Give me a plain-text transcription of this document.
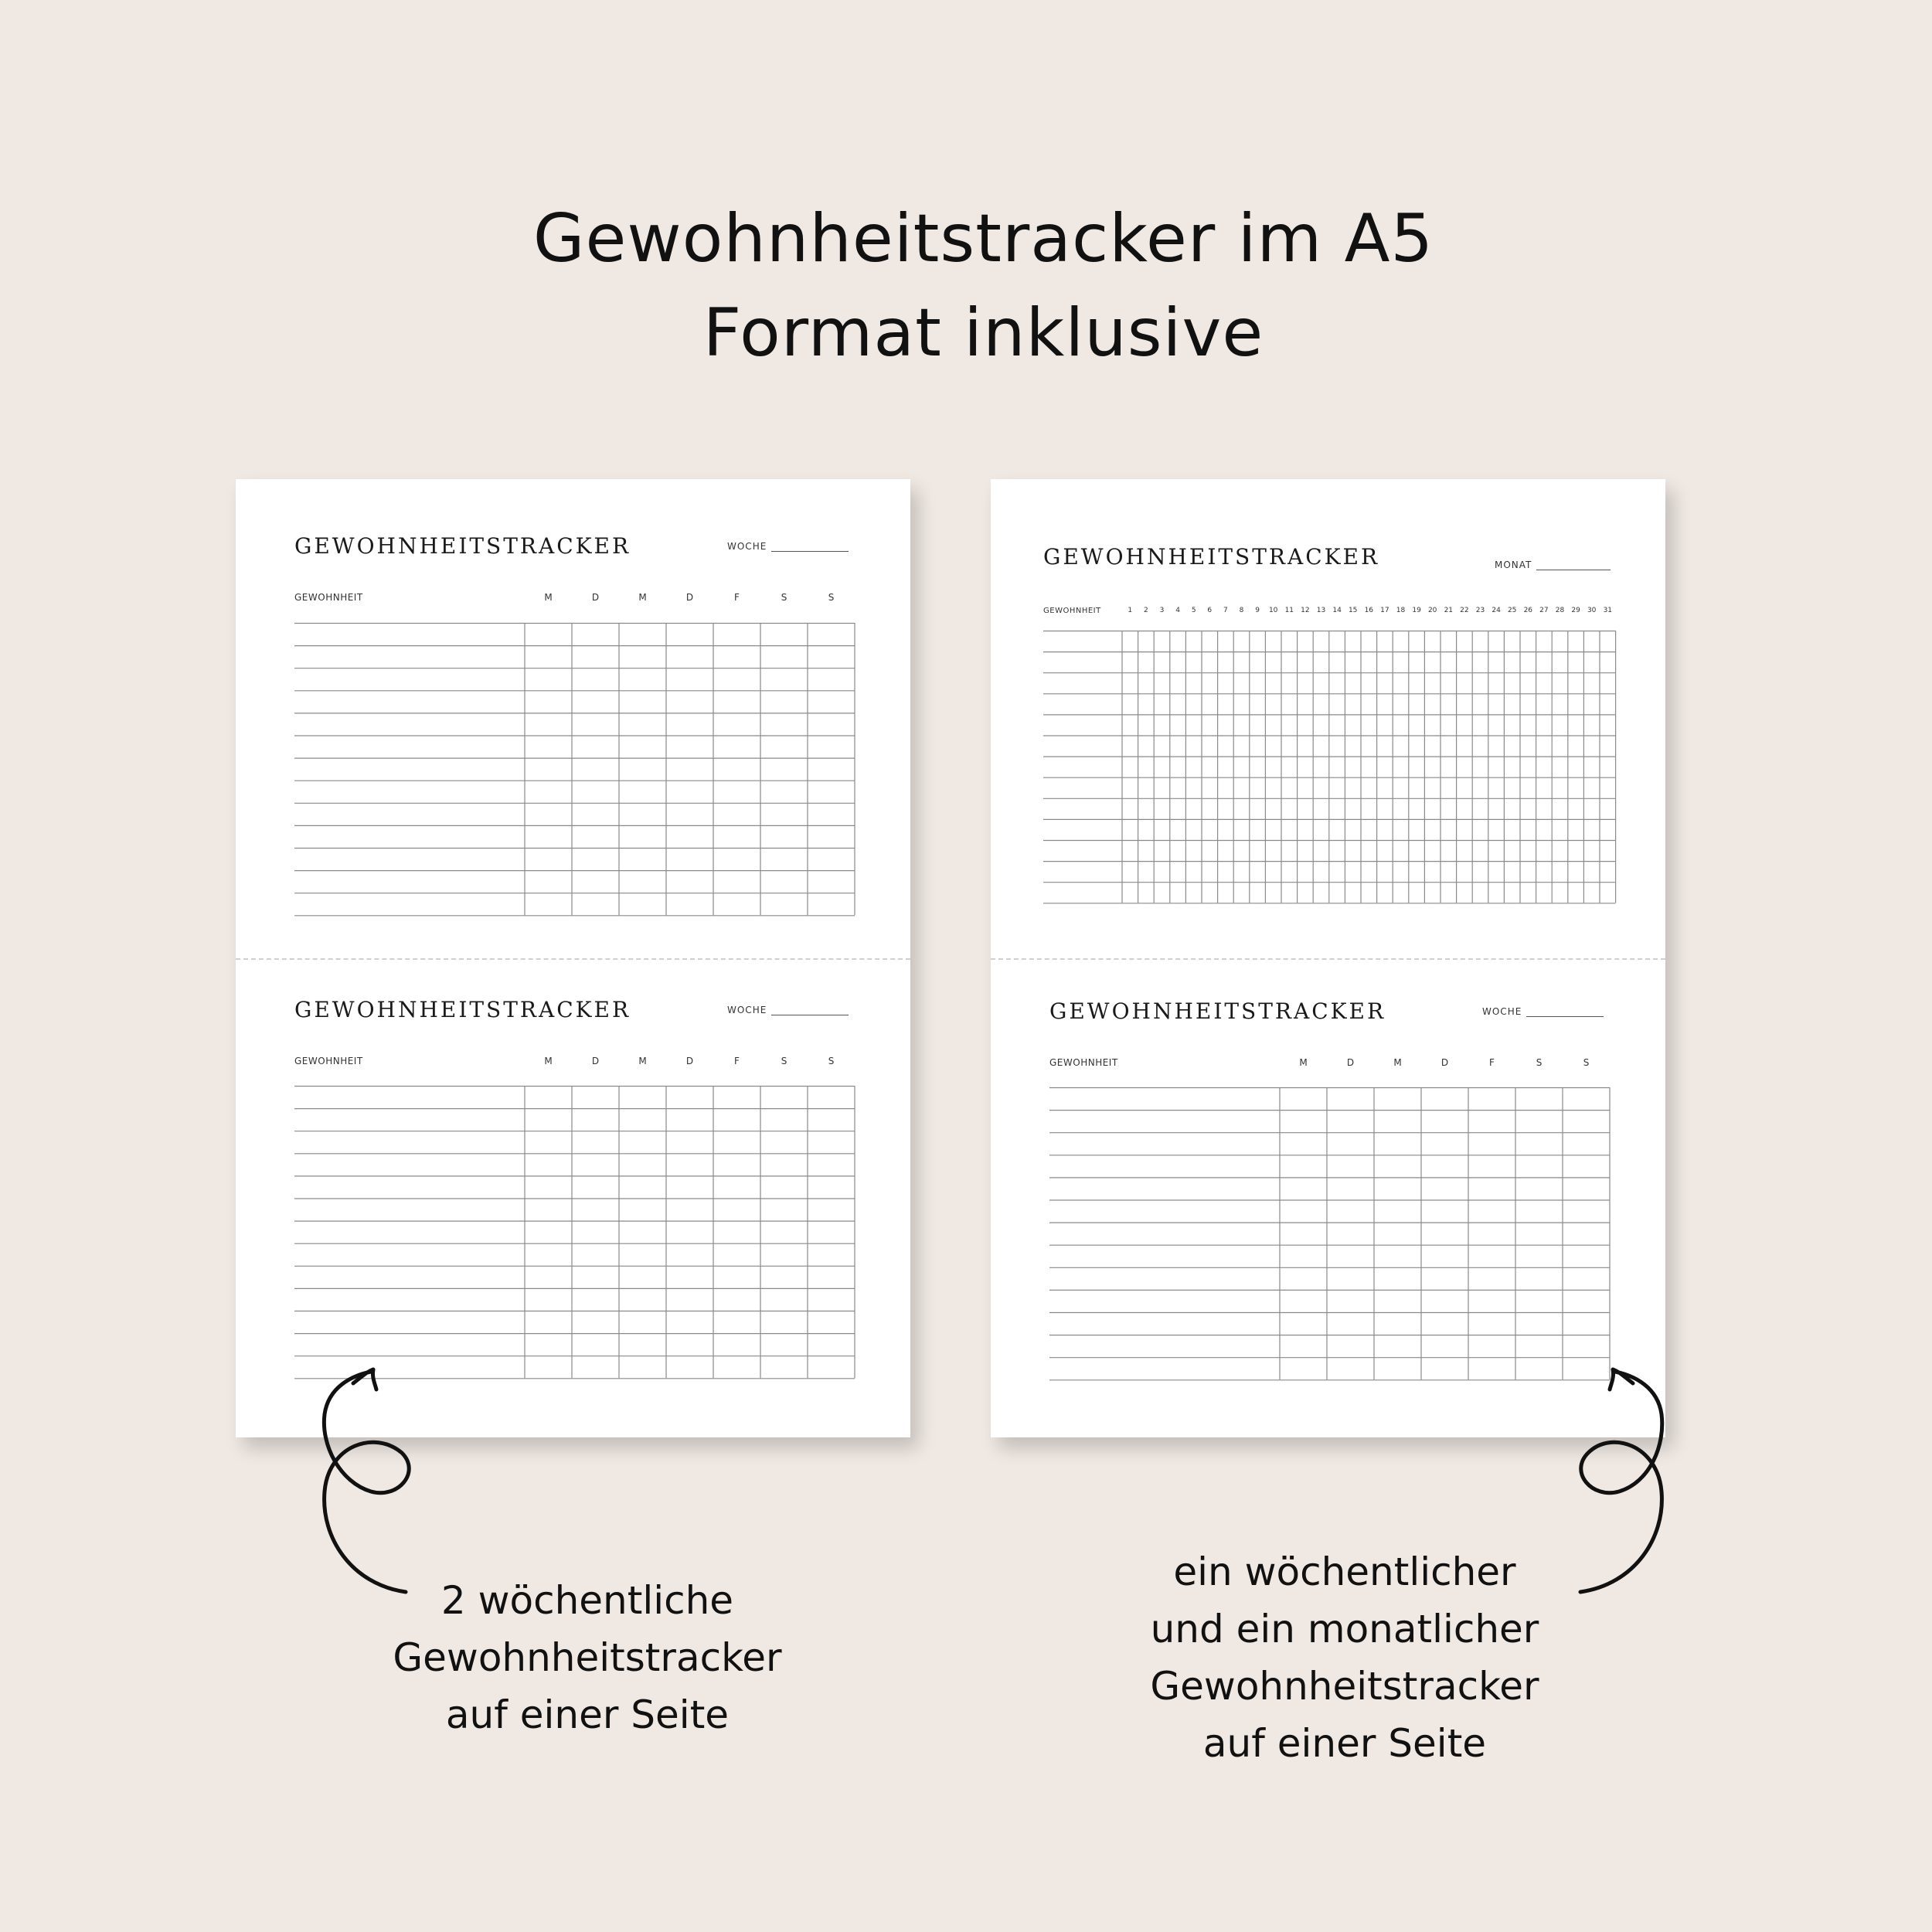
Gewohnheitstracker im A5
Format inklusive
GEWOHNHEITSTRACKER	WOCHE
GEWOHNHEIT	M	D	M	D	F	S	S
GEWOHNHEITSTRACKER	WOCHE
GEWOHNHEIT	M	D	M	D	F	S	S
GEWOHNHEITSTRACKER	MONAT
GEWOHNHEIT	1	2	3	4	5	6	7	8	9	10	11	12	13	14	15	16	17	18	19	20	21	22	23	24	25	26	27	28	29	30	31
GEWOHNHEITSTRACKER	WOCHE
GEWOHNHEIT	M	D	M	D	F	S	S

2 wöchentliche
Gewohnheitstracker
auf einer Seite

ein wöchentlicher
und ein monatlicher
Gewohnheitstracker
auf einer Seite
